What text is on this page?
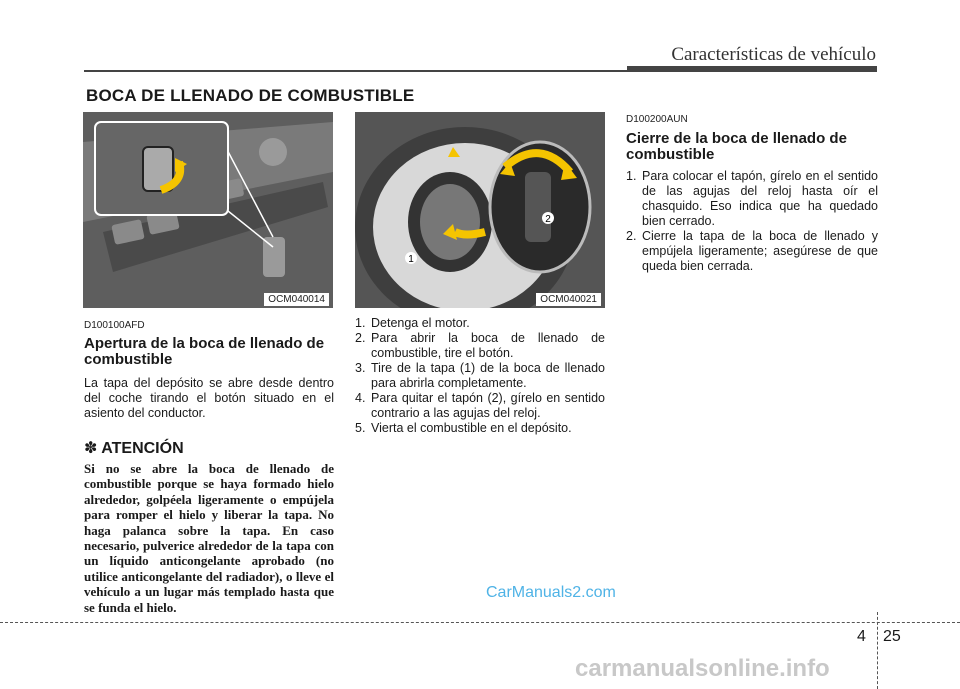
Características de vehículo
BOCA DE LLENADO DE COMBUSTIBLE
OCM040014
1
2
OCM040021
D100100AFD
Apertura de la boca de llenado de combustible
La tapa del depósito se abre desde dentro del coche tirando el botón situado en el asiento del conductor.
✽ ATENCIÓN
Si no se abre la boca de llenado de combustible porque se haya formado hielo alrededor, golpéela ligeramente o empújela para romper el hielo y liberar la tapa. No haga palanca sobre la tapa. En caso necesario, pulverice alrededor de la tapa con un líquido anticongelante aprobado (no utilice anticongelante del radiador), o lleve el vehículo a un lugar más templado hasta que se funda el hielo.
1. Detenga el motor.
2. Para abrir la boca de llenado de combustible, tire el botón.
3. Tire de la tapa (1) de la boca de llenado para abrirla completamente.
4. Para quitar el tapón (2), gírelo en sentido contrario a las agujas del reloj.
5. Vierta el combustible en el depósito.
D100200AUN
Cierre de la boca de llenado de combustible
1. Para colocar el tapón, gírelo en el sentido de las agujas del reloj hasta oír el chasquido. Eso indica que ha quedado bien cerrado.
2. Cierre la tapa de la boca de llenado y empújela ligeramente; asegúrese de que queda bien cerrada.
CarManuals2.com
4 25
carmanualsonline.info
